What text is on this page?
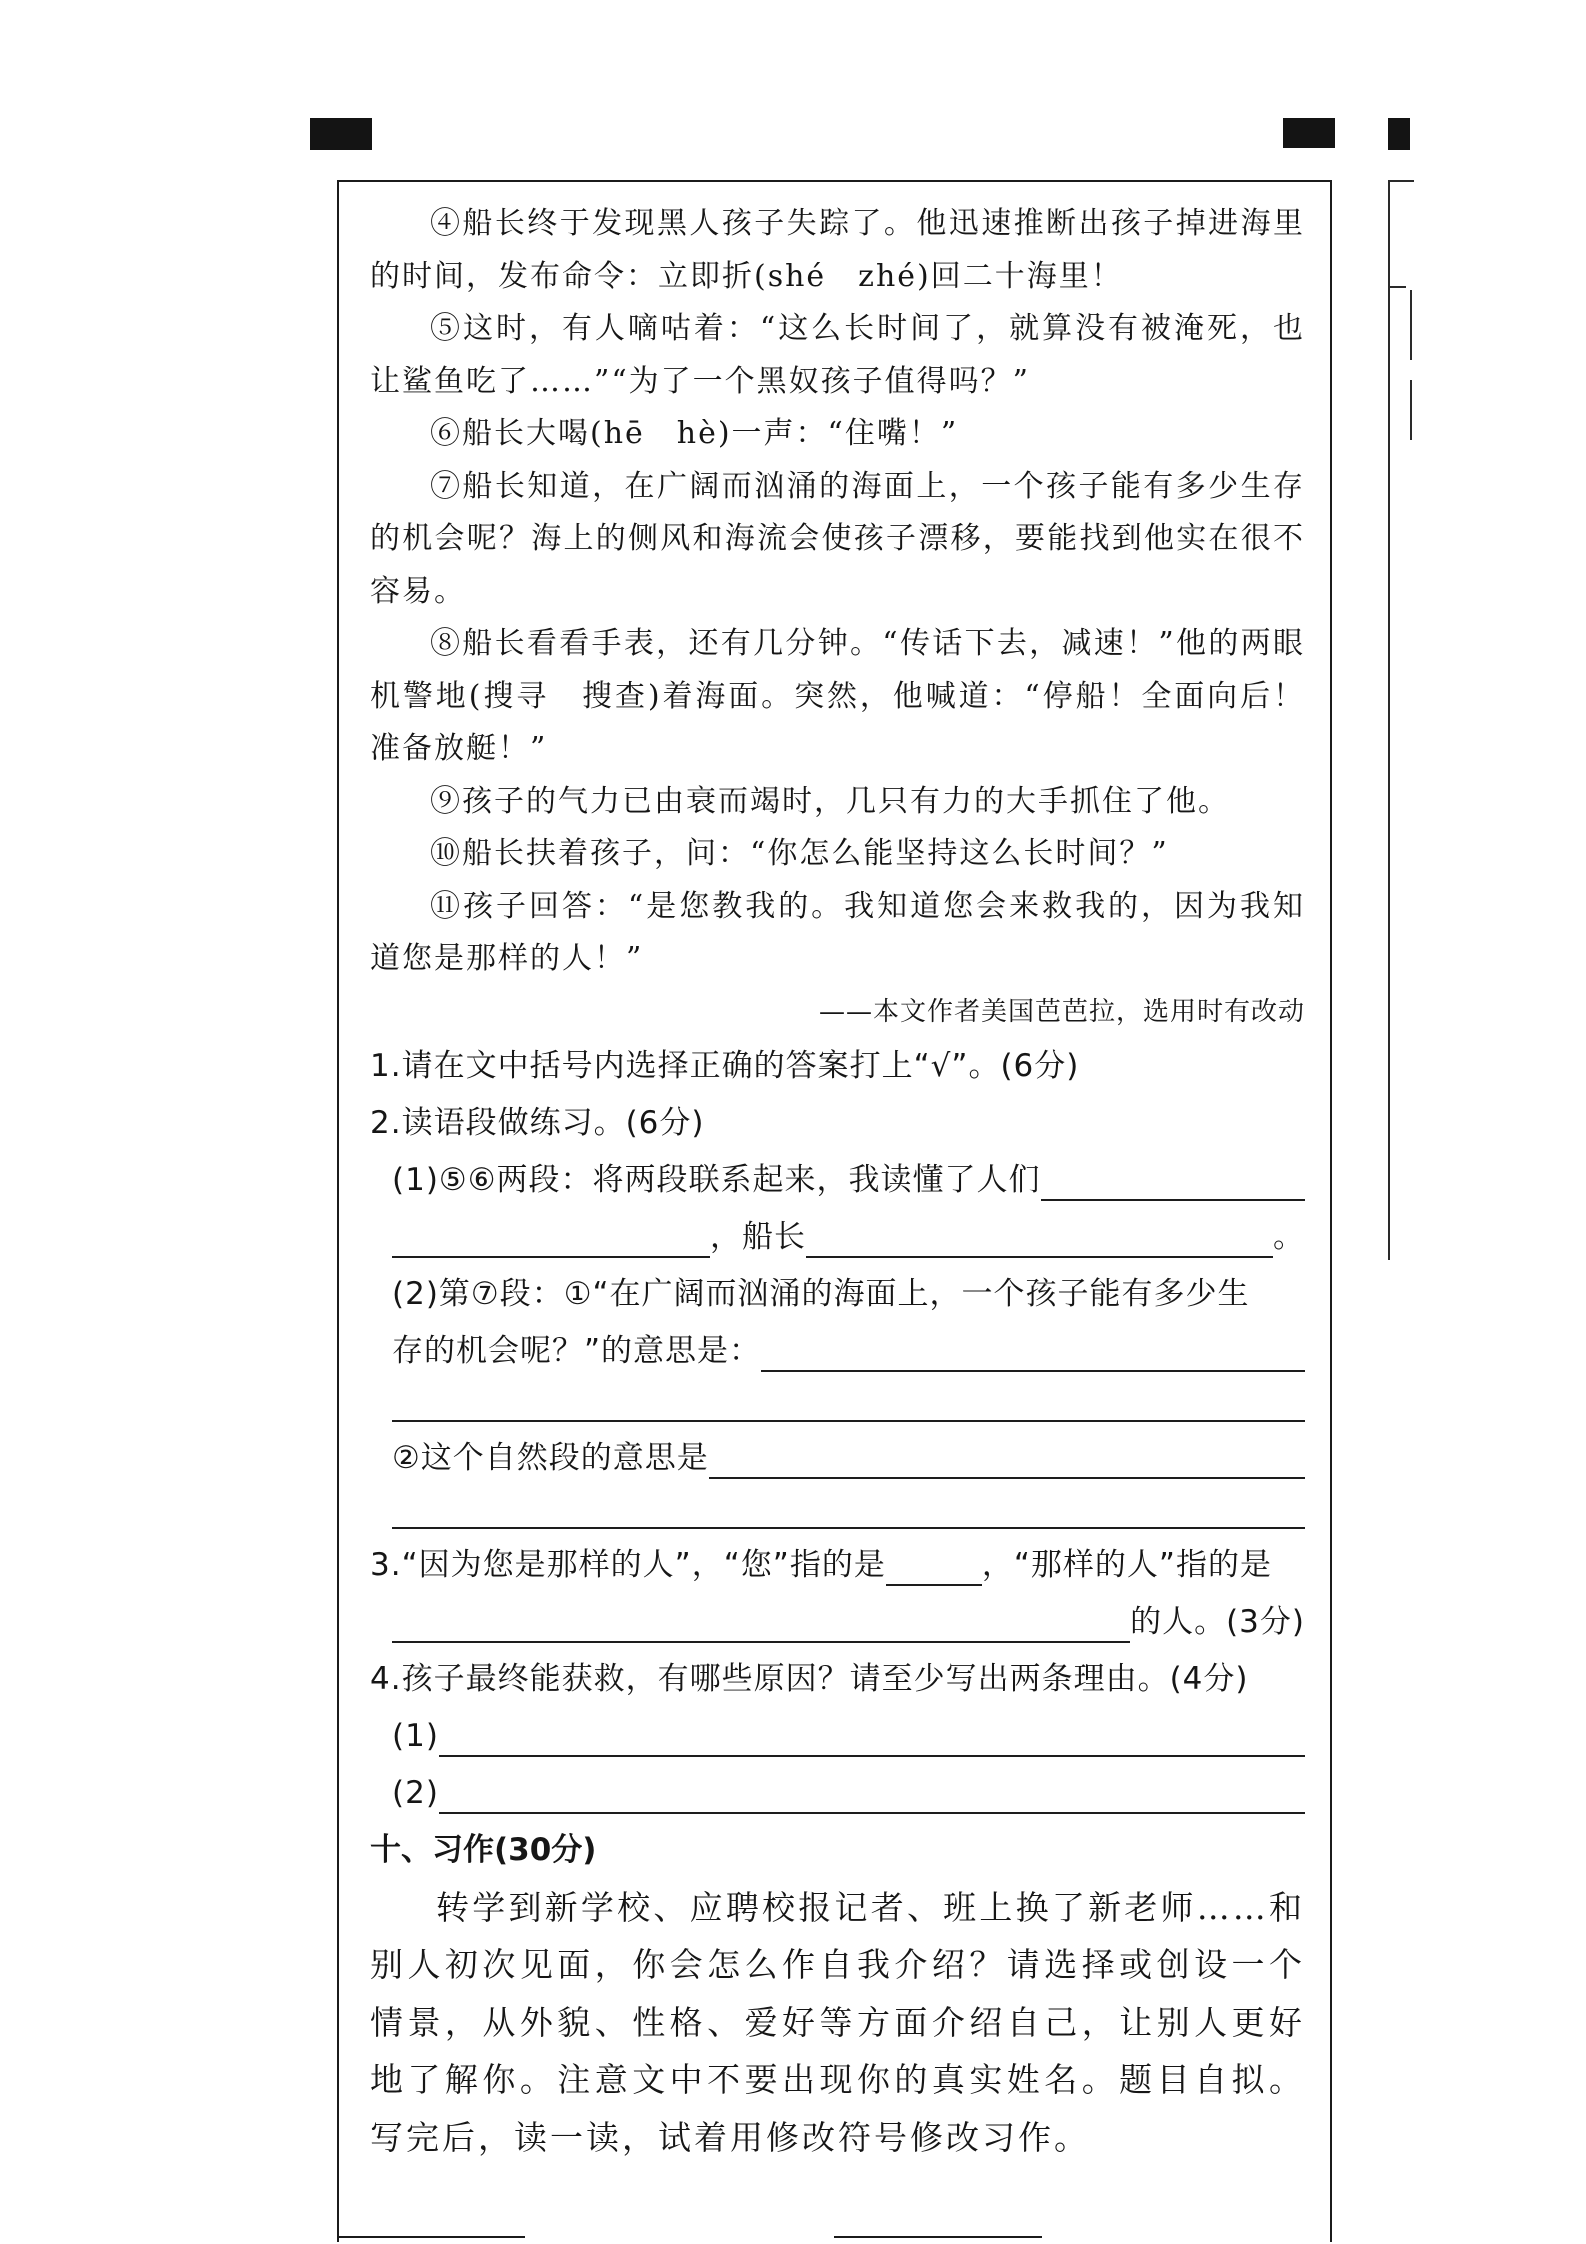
④船长终于发现黑人孩子失踪了。他迅速推断出孩子掉进海里的时间，发布命令：立即折(shé　zhé)回二十海里！

⑤这时，有人嘀咕着：“这么长时间了，就算没有被淹死，也让鲨鱼吃了……”“为了一个黑奴孩子值得吗？”

⑥船长大喝(hē　hè)一声：“住嘴！”

⑦船长知道，在广阔而汹涌的海面上，一个孩子能有多少生存的机会呢？海上的侧风和海流会使孩子漂移，要能找到他实在很不容易。

⑧船长看看手表，还有几分钟。“传话下去，减速！”他的两眼机警地(搜寻　搜查)着海面。突然，他喊道：“停船！全面向后！准备放艇！”

⑨孩子的气力已由衰而竭时，几只有力的大手抓住了他。

⑩船长扶着孩子，问：“你怎么能坚持这么长时间？”

⑪孩子回答：“是您教我的。我知道您会来救我的，因为我知道您是那样的人！”

——本文作者美国芭芭拉，选用时有改动

1.请在文中括号内选择正确的答案打上“√”。(6分)

2.读语段做练习。(6分)

(1)⑤⑥两段：将两段联系起来，我读懂了人们
，船长	。

(2)第⑦段：①“在广阔而汹涌的海面上，一个孩子能有多少生

存的机会呢？”的意思是：
②这个自然段的意思是
3.“因为您是那样的人”，“您”指的是	，“那样的人”指的是
的人。(3分)

4.孩子最终能获救，有哪些原因？请至少写出两条理由。(4分)

(1)
(2)

十、习作(30分)

转学到新学校、应聘校报记者、班上换了新老师……和别人初次见面，你会怎么作自我介绍？请选择或创设一个情景，从外貌、性格、爱好等方面介绍自己，让别人更好地了解你。注意文中不要出现你的真实姓名。题目自拟。写完后，读一读，试着用修改符号修改习作。
